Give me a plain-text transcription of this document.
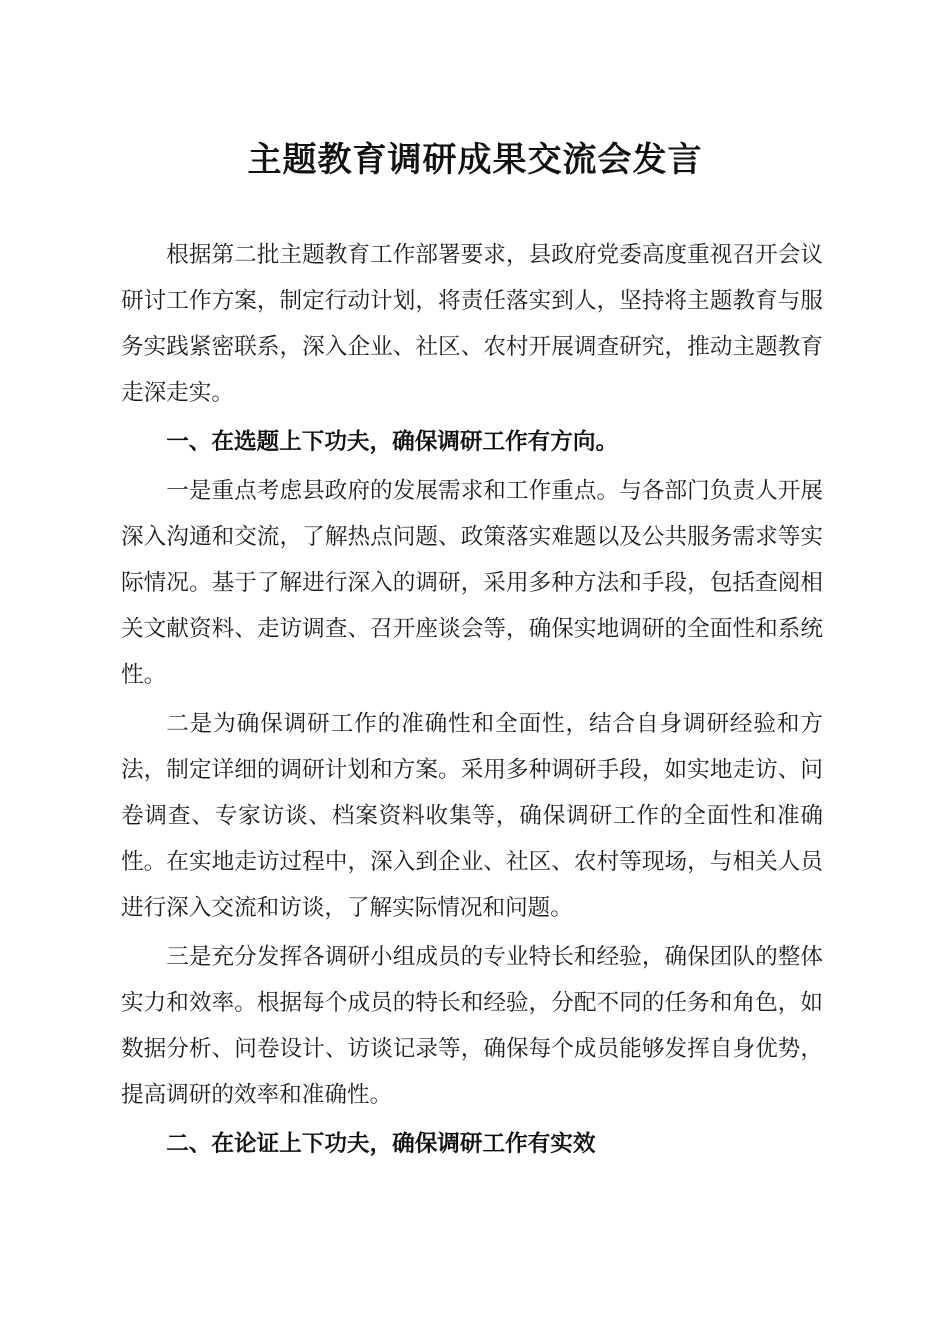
主题教育调研成果交流会发言

根据第二批主题教育工作部署要求，县政府党委高度重视召开会议研讨工作方案，制定行动计划，将责任落实到人，坚持将主题教育与服务实践紧密联系，深入企业、社区、农村开展调查研究，推动主题教育走深走实。

一、在选题上下功夫，确保调研工作有方向。

一是重点考虑县政府的发展需求和工作重点。与各部门负责人开展深入沟通和交流，了解热点问题、政策落实难题以及公共服务需求等实际情况。基于了解进行深入的调研，采用多种方法和手段，包括查阅相关文献资料、走访调查、召开座谈会等，确保实地调研的全面性和系统性。

二是为确保调研工作的准确性和全面性，结合自身调研经验和方法，制定详细的调研计划和方案。采用多种调研手段，如实地走访、问卷调查、专家访谈、档案资料收集等，确保调研工作的全面性和准确性。在实地走访过程中，深入到企业、社区、农村等现场，与相关人员进行深入交流和访谈，了解实际情况和问题。

三是充分发挥各调研小组成员的专业特长和经验，确保团队的整体实力和效率。根据每个成员的特长和经验，分配不同的任务和角色，如数据分析、问卷设计、访谈记录等，确保每个成员能够发挥自身优势，提高调研的效率和准确性。

二、在论证上下功夫，确保调研工作有实效
